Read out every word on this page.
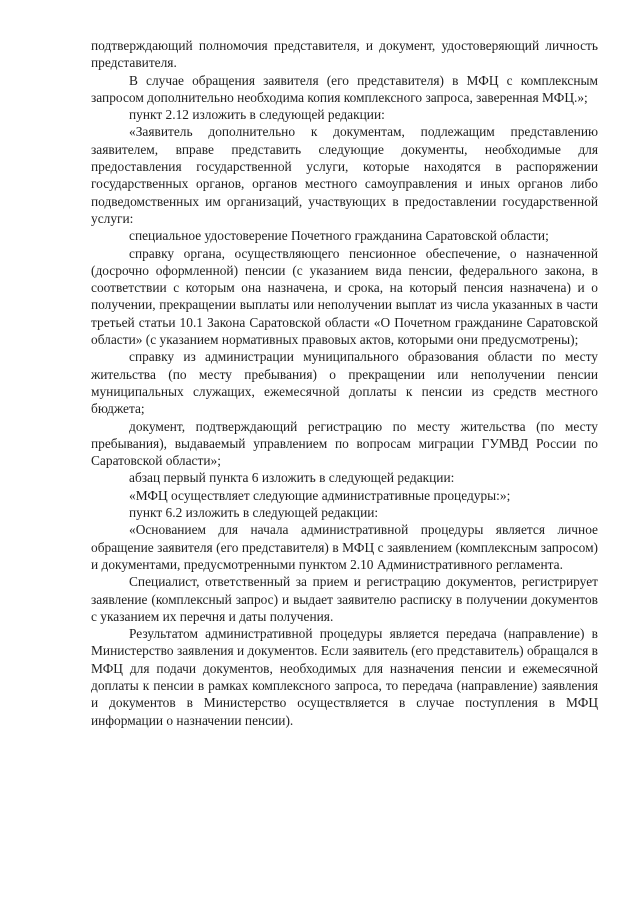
подтверждающий полномочия представителя, и документ, удостоверяющий личность представителя.

В случае обращения заявителя (его представителя) в МФЦ с комплексным запросом дополнительно необходима копия комплексного запроса, заверенная МФЦ.»;

пункт 2.12 изложить в следующей редакции:

«Заявитель дополнительно к документам, подлежащим представлению заявителем, вправе представить следующие документы, необходимые для предоставления государственной услуги, которые находятся в распоряжении государственных органов, органов местного самоуправления и иных органов либо подведомственных им организаций, участвующих в предоставлении государственной услуги:

специальное удостоверение Почетного гражданина Саратовской области;

справку органа, осуществляющего пенсионное обеспечение, о назначенной (досрочно оформленной) пенсии (с указанием вида пенсии, федерального закона, в соответствии с которым она назначена, и срока, на который пенсия назначена) и о получении, прекращении выплаты или неполучении выплат из числа указанных в части третьей статьи 10.1 Закона Саратовской области «О Почетном гражданине Саратовской области» (с указанием нормативных правовых актов, которыми они предусмотрены);

справку из администрации муниципального образования области по месту жительства (по месту пребывания) о прекращении или неполучении пенсии муниципальных служащих, ежемесячной доплаты к пенсии из средств местного бюджета;

документ, подтверждающий регистрацию по месту жительства (по месту пребывания), выдаваемый управлением по вопросам миграции ГУМВД России по Саратовской области»;

абзац первый пункта 6 изложить в следующей редакции:

«МФЦ осуществляет следующие административные процедуры:»;

пункт 6.2 изложить в следующей редакции:

«Основанием для начала административной процедуры является личное обращение заявителя (его представителя) в МФЦ с заявлением (комплексным запросом) и документами, предусмотренными пунктом 2.10 Административного регламента.

Специалист, ответственный за прием и регистрацию документов, регистрирует заявление (комплексный запрос) и выдает заявителю расписку в получении документов с указанием их перечня и даты получения.

Результатом административной процедуры является передача (направление) в Министерство заявления и документов. Если заявитель (его представитель) обращался в МФЦ для подачи документов, необходимых для назначения пенсии и ежемесячной доплаты к пенсии в рамках комплексного запроса, то передача (направление) заявления и документов в Министерство осуществляется в случае поступления в МФЦ информации о назначении пенсии).
